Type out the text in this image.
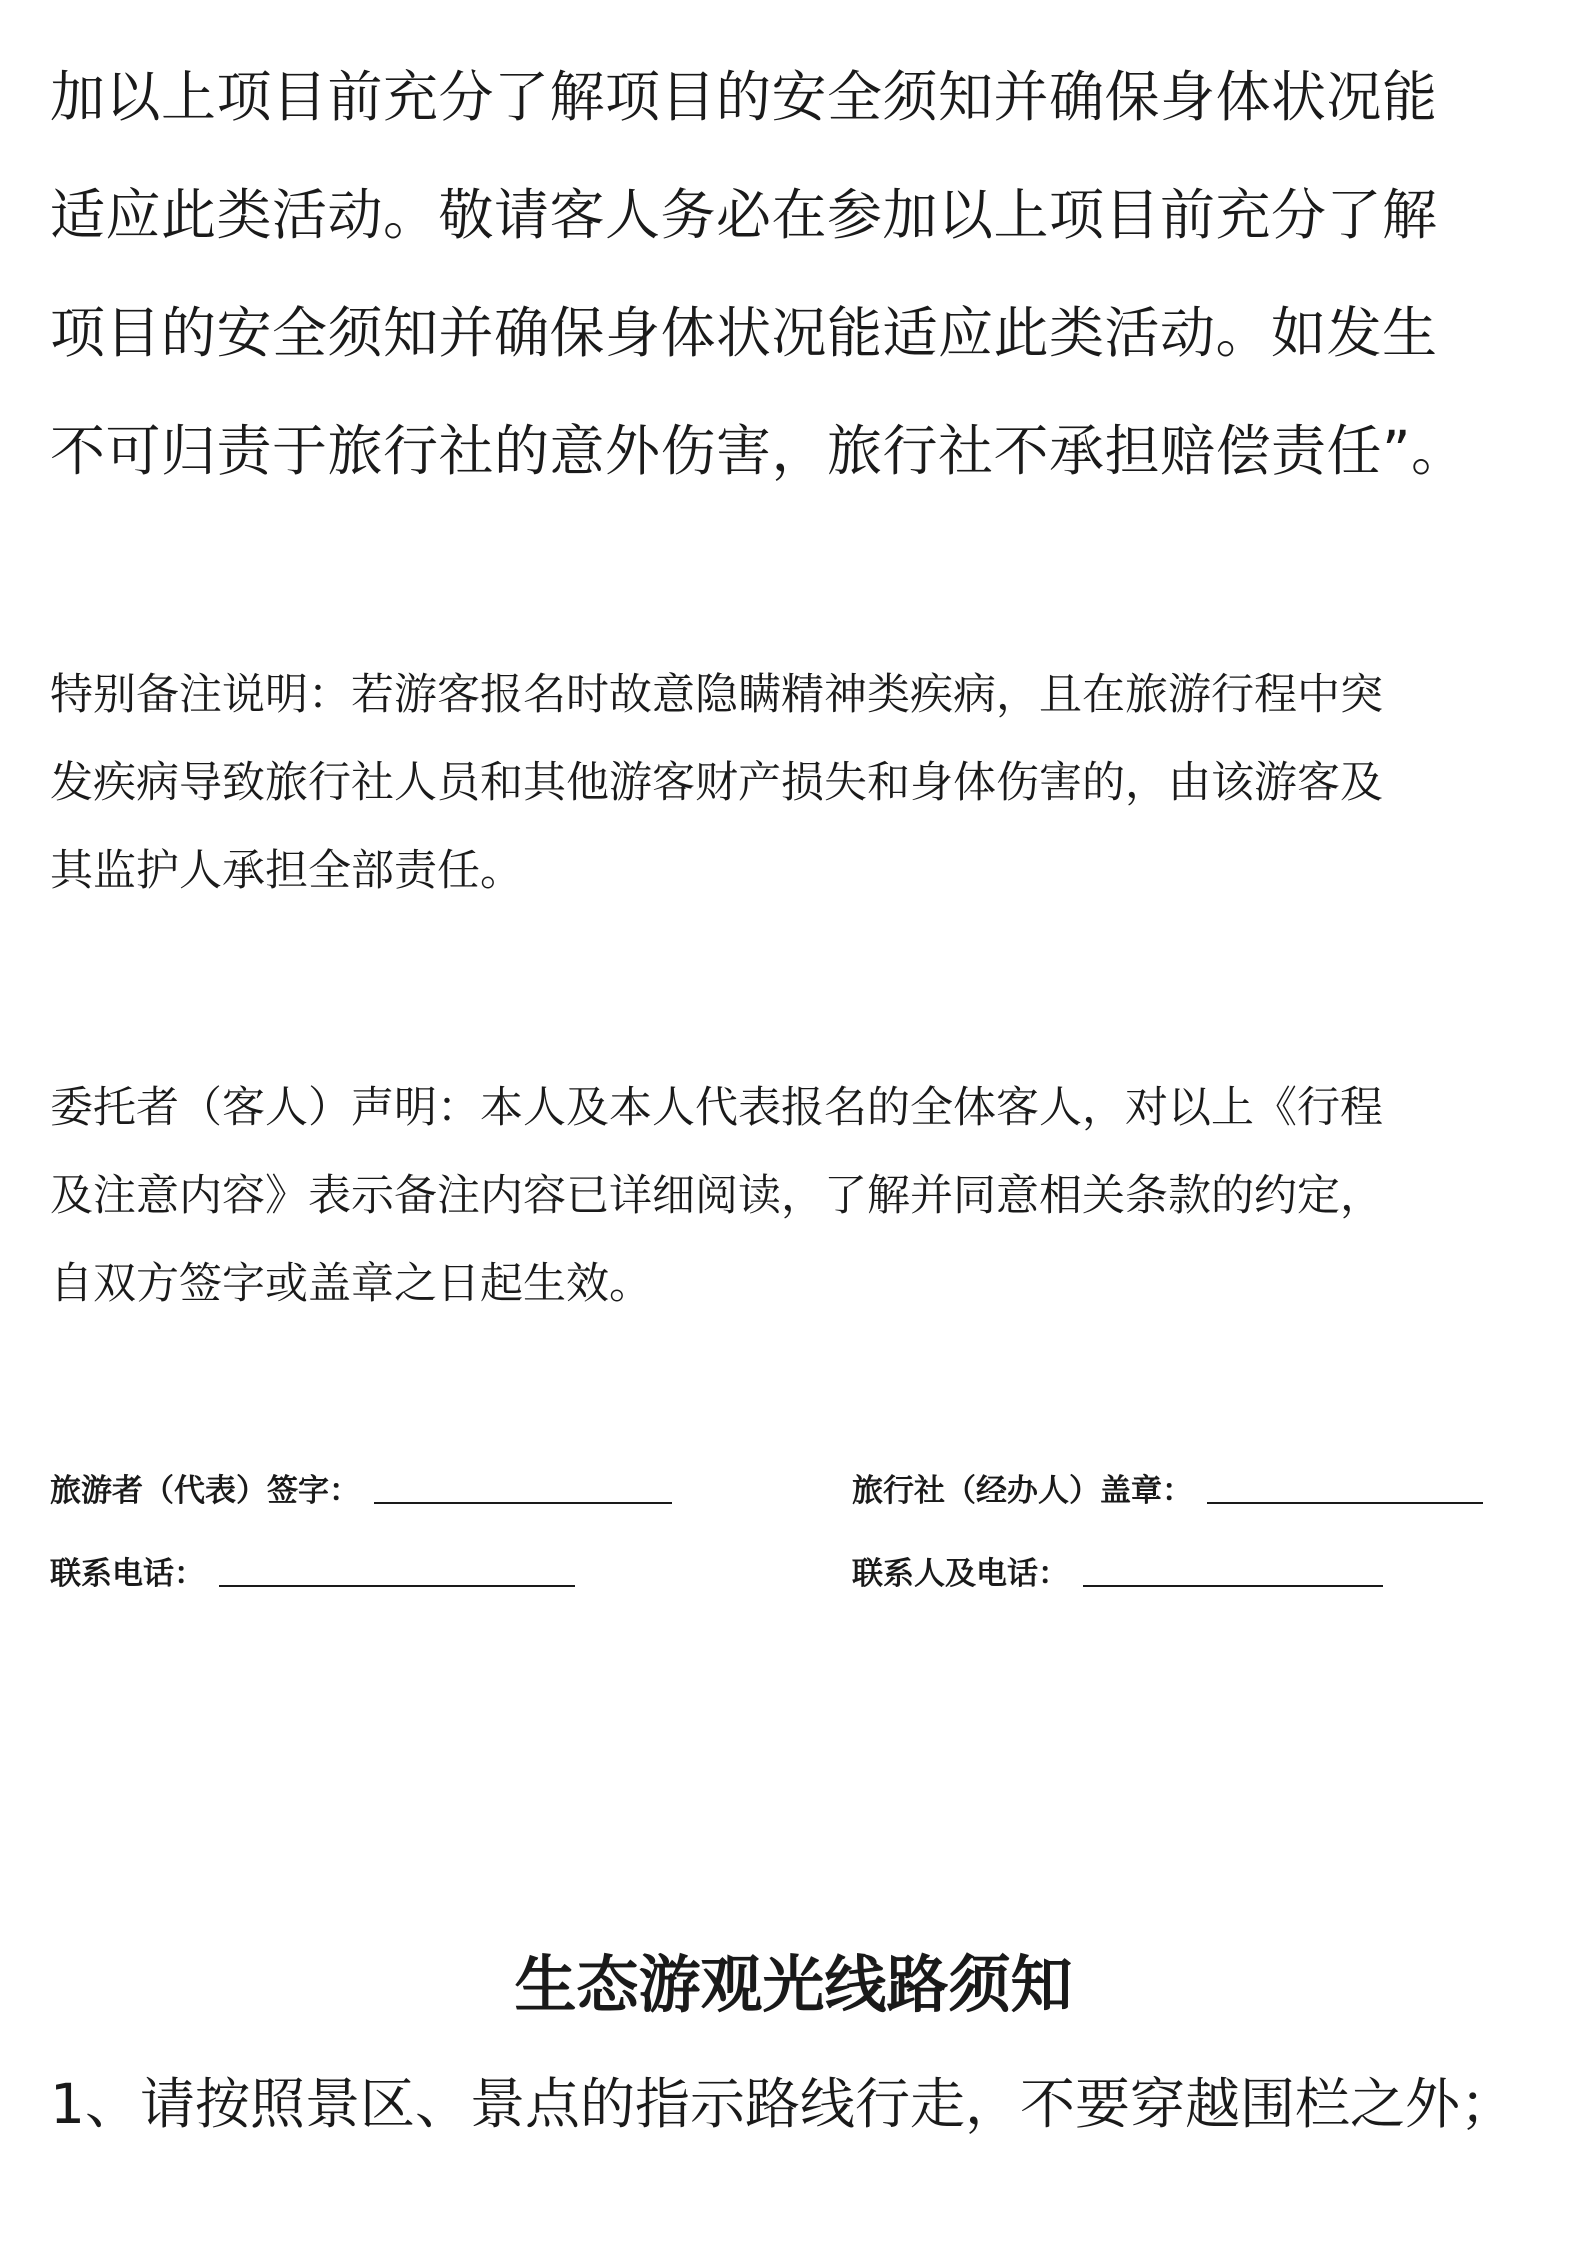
加以上项目前充分了解项目的安全须知并确保身体状况能
适应此类活动。敬请客人务必在参加以上项目前充分了解
项目的安全须知并确保身体状况能适应此类活动。如发生
不可归责于旅行社的意外伤害，旅行社不承担赔偿责任”。
特别备注说明：若游客报名时故意隐瞒精神类疾病，且在旅游行程中突
发疾病导致旅行社人员和其他游客财产损失和身体伤害的，由该游客及
其监护人承担全部责任。
委托者（客人）声明：本人及本人代表报名的全体客人，对以上《行程
及注意内容》表示备注内容已详细阅读，了解并同意相关条款的约定，
自双方签字或盖章之日起生效。
旅游者（代表）签字：	旅行社（经办人）盖章：
联系电话：	联系人及电话：
生态游观光线路须知

1、请按照景区、景点的指示路线行走，不要穿越围栏之外；
